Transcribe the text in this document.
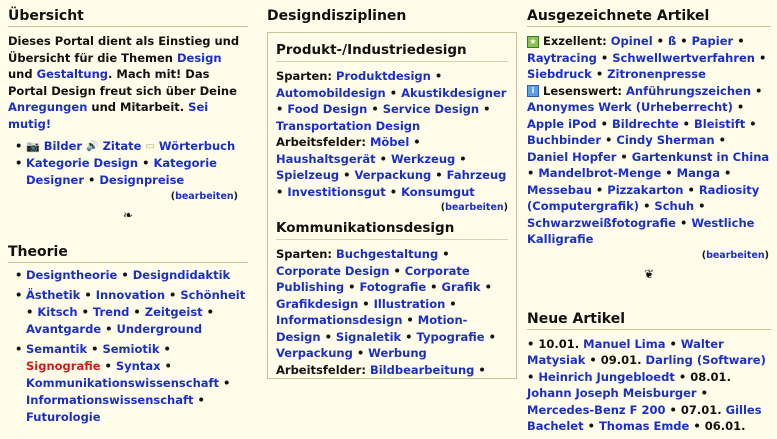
Übersicht

Dieses Portal dient als Einstieg und Übersicht für die Themen Design und Gestaltung. Mach mit! Das Portal Design freut sich über Deine Anregungen und Mitarbeit. Sei mutig!

• 📷 Bilder 🔊 Zitate ▭ Wörterbuch
• Kategorie Design • Kategorie Designer• Designpreise
(bearbeiten)
❧
Theorie
• Designtheorie• Designdidaktik
• Ästhetik • Innovation• Schönheit• Kitsch • Trend • Zeitgeist• Avantgarde• Underground
• Semantik • Semiotik• Signografie • Syntax• Kommunikationswissenschaft• Informationswissenschaft• Futurologie
Designdisziplinen
Produkt-/Industriedesign

Sparten: Produktdesign• Automobildesign• Akustikdesigner• Food Design• Service Design• Transportation Design

Arbeitsfelder: Möbel• Haushaltsgerät • Werkzeug• Spielzeug • Verpackung• Fahrzeug• Investitionsgut• Konsumgut

(bearbeiten)
Kommunikationsdesign

Sparten: Buchgestaltung• Corporate Design • Corporate Publishing • Fotografie• Grafik• Grafikdesign• Illustration• Informationsdesign • Motion-Design • Signaletik • Typografie• Verpackung • Werbung

Arbeitsfelder: Bildbearbeitung•

Ausgezeichnete Artikel

★ Exzellent: Opinel • ß• Papier• Raytracing• Schwellwertverfahren• Siebdruck • Zitronenpresse

i Lesenswert: Anführungszeichen• Anonymes Werk (Urheberrecht)• Apple iPod • Bildrechte• Bleistift• Buchbinder • Cindy Sherman• Daniel Hopfer• Gartenkunst in China• Mandelbrot-Menge • Manga• Messebau • Pizzakarton• Radiosity (Computergrafik)• Schuh• Schwarzweißfotografie• Westliche Kalligrafie

(bearbeiten)
❦
Neue Artikel

• 10.01. Manuel Lima • Walter Matysiak • 09.01. Darling (Software)• Heinrich Jungebloedt • 08.01. Johann Joseph Meisburger• Mercedes-Benz F 200 • 07.01. Gilles Bachelet • Thomas Emde • 06.01.
